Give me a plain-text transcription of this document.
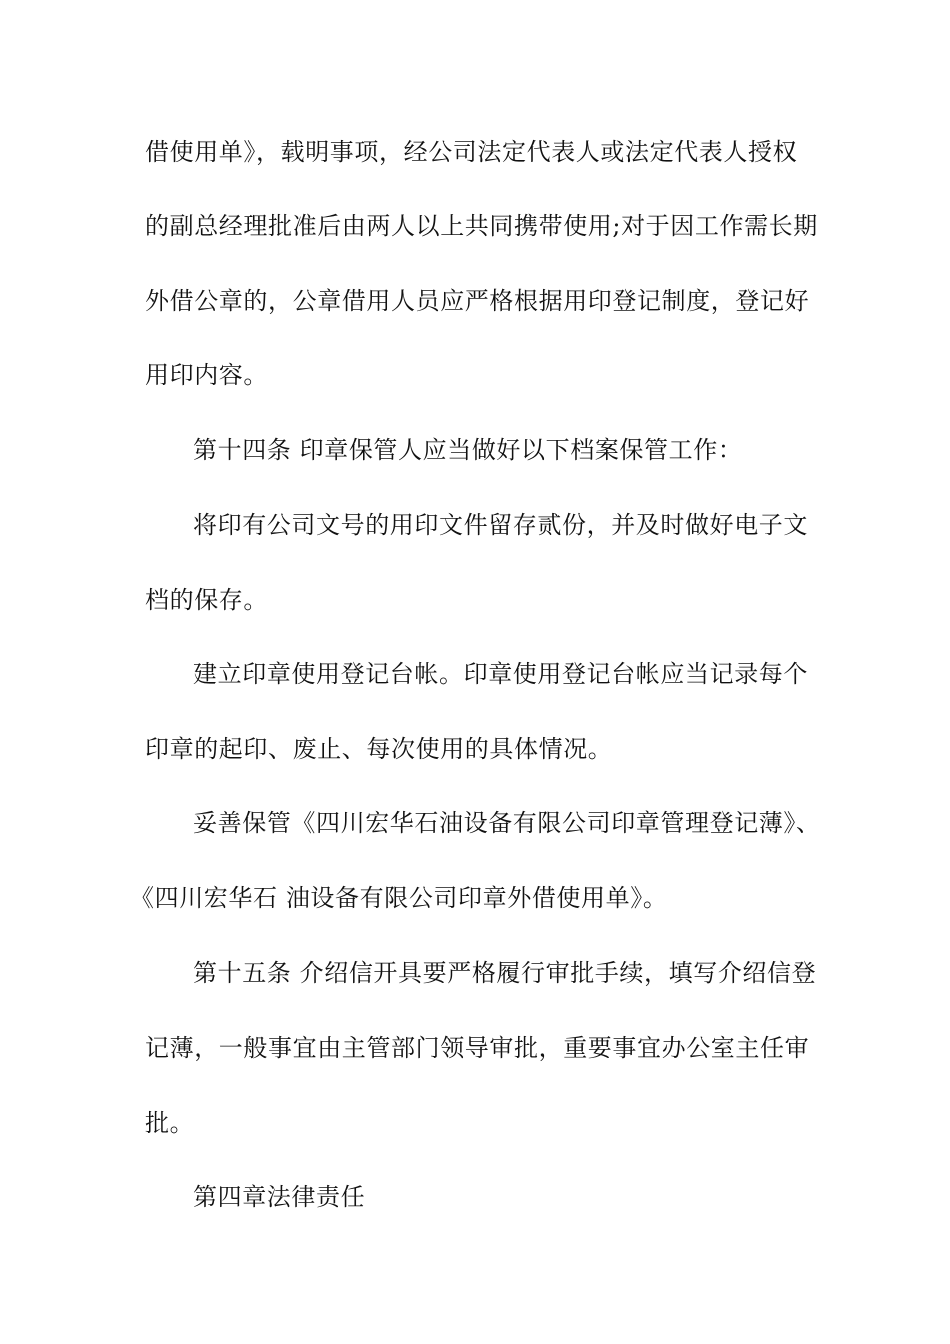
借使用单》，载明事项，经公司法定代表人或法定代表人授权
的副总经理批准后由两人以上共同携带使用;对于因工作需长期
外借公章的，公章借用人员应严格根据用印登记制度，登记好
用印内容。
第十四条 印章保管人应当做好以下档案保管工作：
将印有公司文号的用印文件留存贰份，并及时做好电子文
档的保存。
建立印章使用登记台帐。印章使用登记台帐应当记录每个
印章的起印、废止、每次使用的具体情况。
妥善保管《四川宏华石油设备有限公司印章管理登记薄》、
《四川宏华石 油设备有限公司印章外借使用单》。
第十五条 介绍信开具要严格履行审批手续，填写介绍信登
记薄，一般事宜由主管部门领导审批，重要事宜办公室主任审
批。
第四章法律责任
